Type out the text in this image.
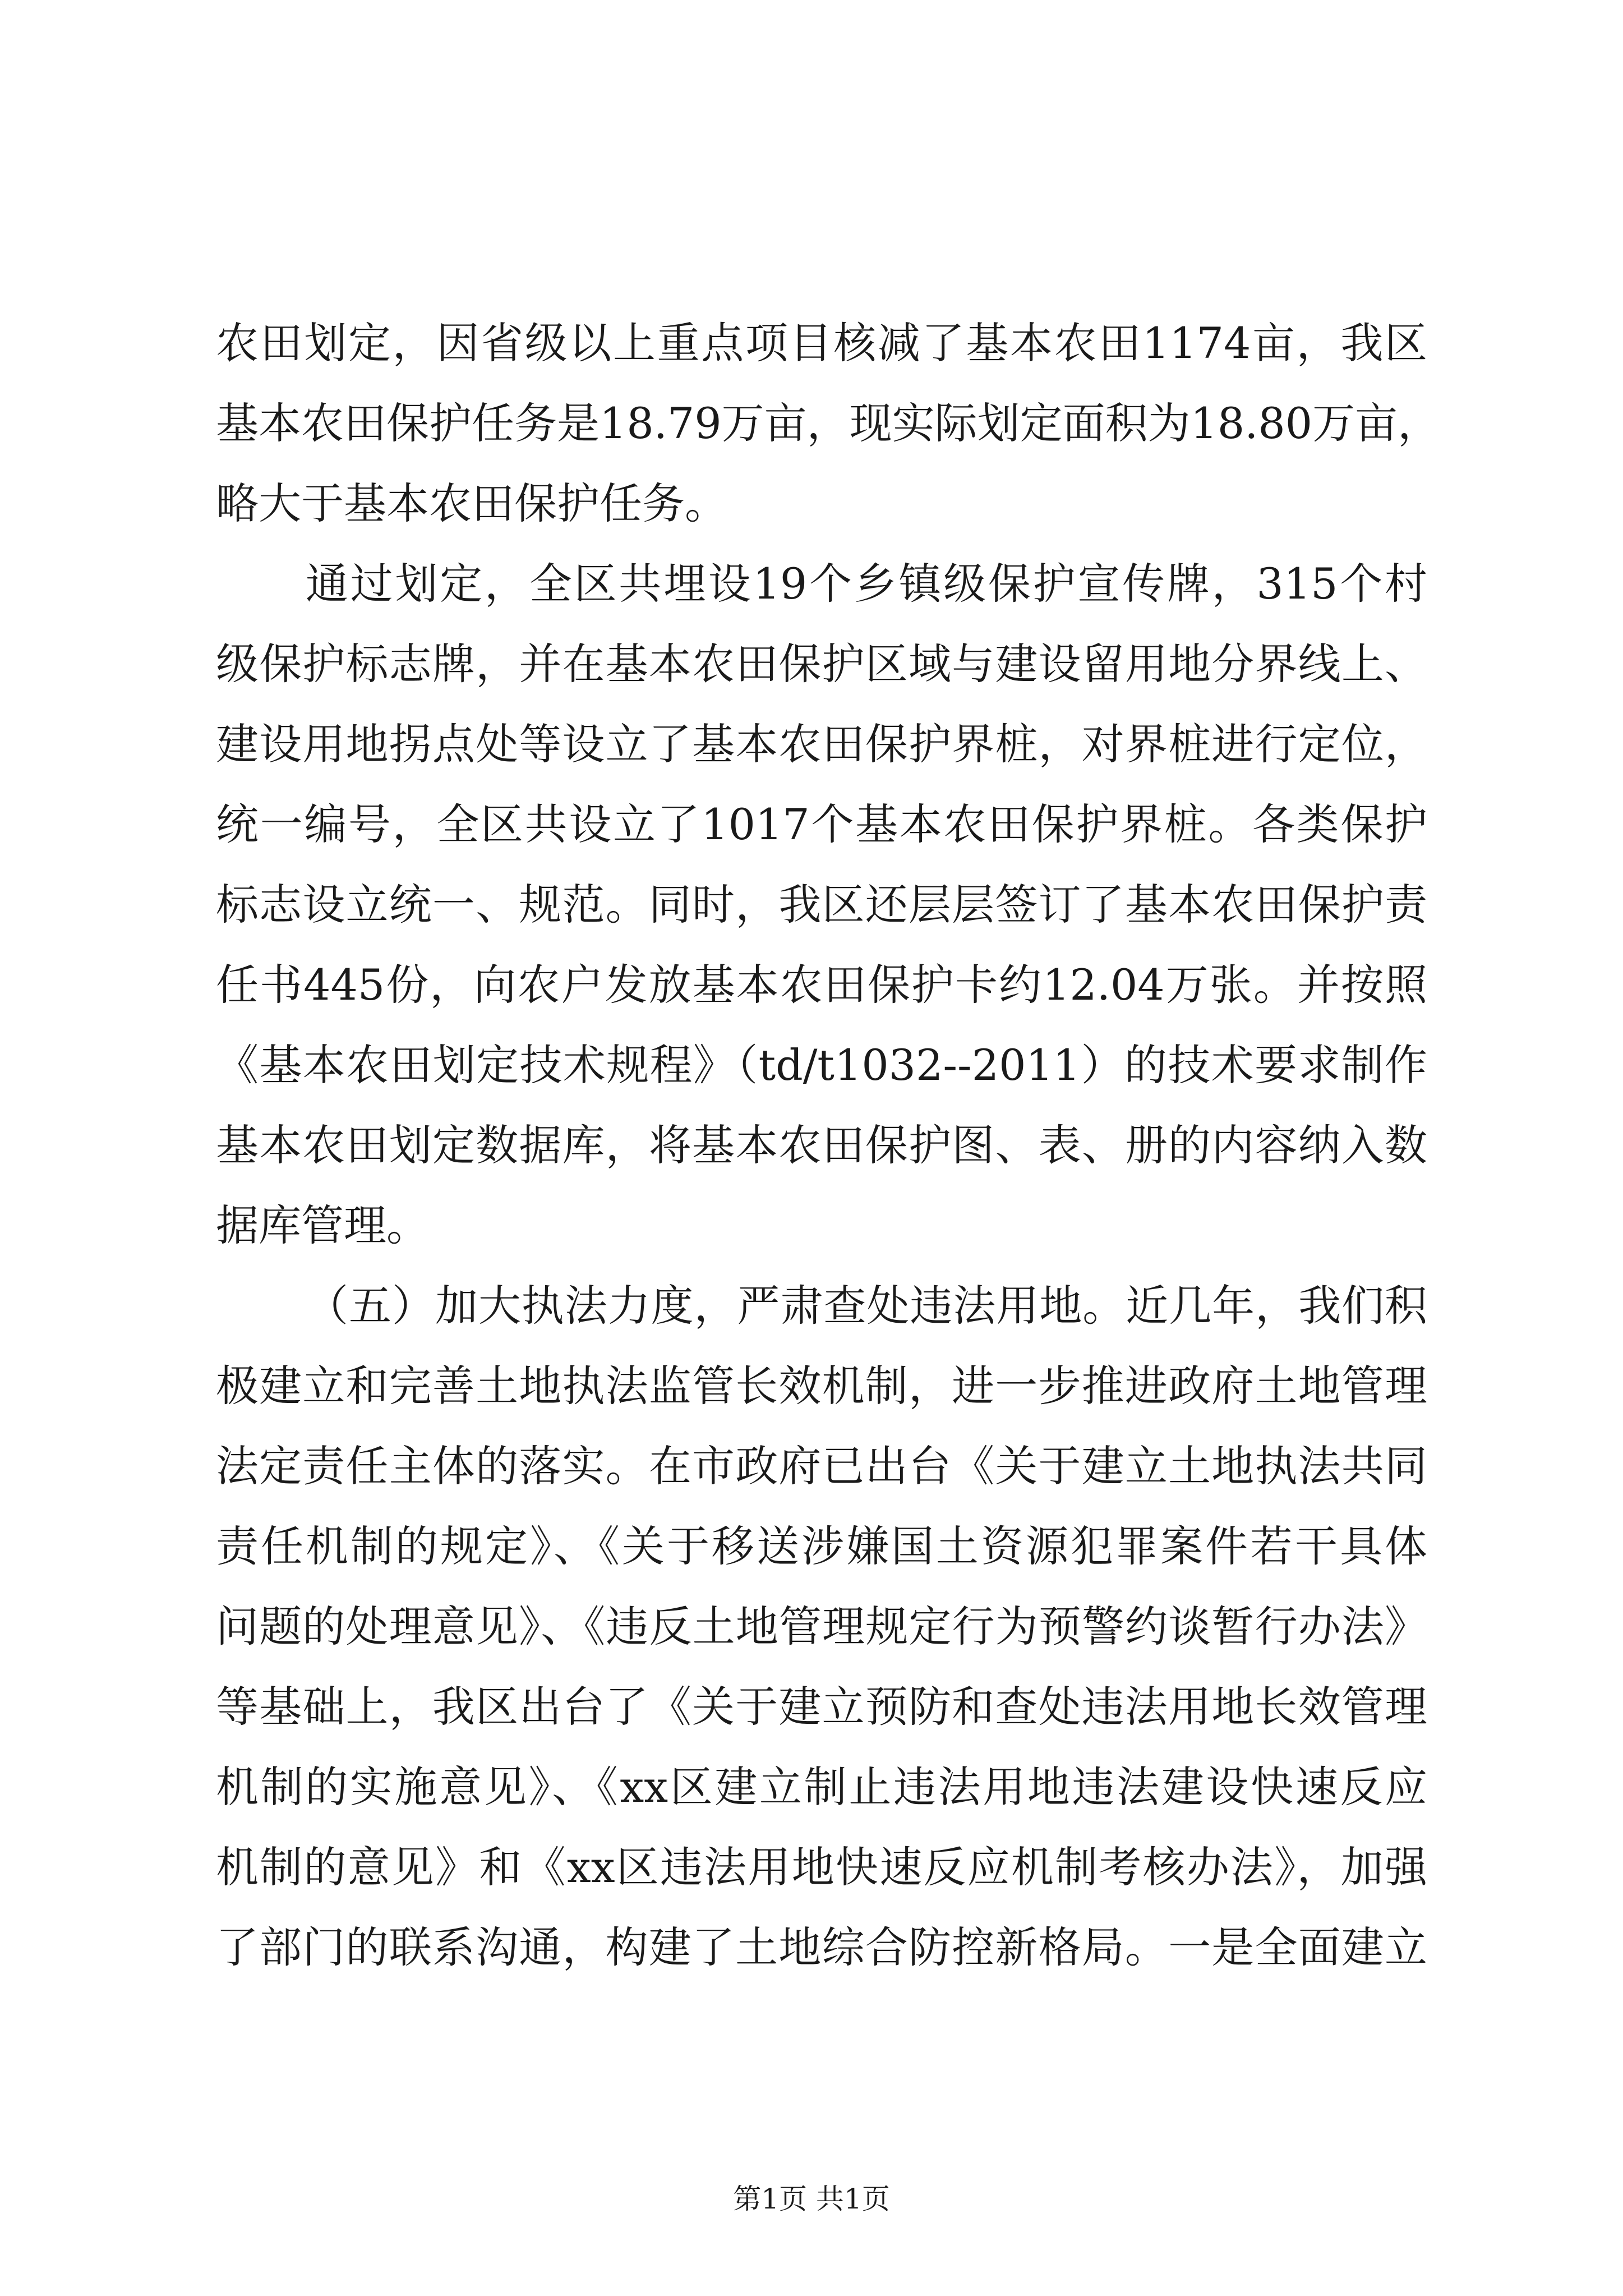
农田划定，因省级以上重点项目核减了基本农田1174亩，我区
基本农田保护任务是18.79万亩，现实际划定面积为18.80万亩，
略大于基本农田保护任务。
通过划定，全区共埋设19个乡镇级保护宣传牌，315个村
级保护标志牌，并在基本农田保护区域与建设留用地分界线上、
建设用地拐点处等设立了基本农田保护界桩，对界桩进行定位，
统一编号，全区共设立了1017个基本农田保护界桩。各类保护
标志设立统一、规范。同时，我区还层层签订了基本农田保护责
任书445份，向农户发放基本农田保护卡约12.04万张。并按照
《基本农田划定技术规程》（td/t1032--2011）的技术要求制作
基本农田划定数据库，将基本农田保护图、表、册的内容纳入数
据库管理。
（五）加大执法力度，严肃查处违法用地。近几年，我们积
极建立和完善土地执法监管长效机制，进一步推进政府土地管理
法定责任主体的落实。在市政府已出台《关于建立土地执法共同
责任机制的规定》、《关于移送涉嫌国土资源犯罪案件若干具体
问题的处理意见》、《违反土地管理规定行为预警约谈暂行办法》
等基础上，我区出台了《关于建立预防和查处违法用地长效管理
机制的实施意见》、《xx区建立制止违法用地违法建设快速反应
机制的意见》和《xx区违法用地快速反应机制考核办法》，加强
了部门的联系沟通，构建了土地综合防控新格局。一是全面建立
第1页 共1页
